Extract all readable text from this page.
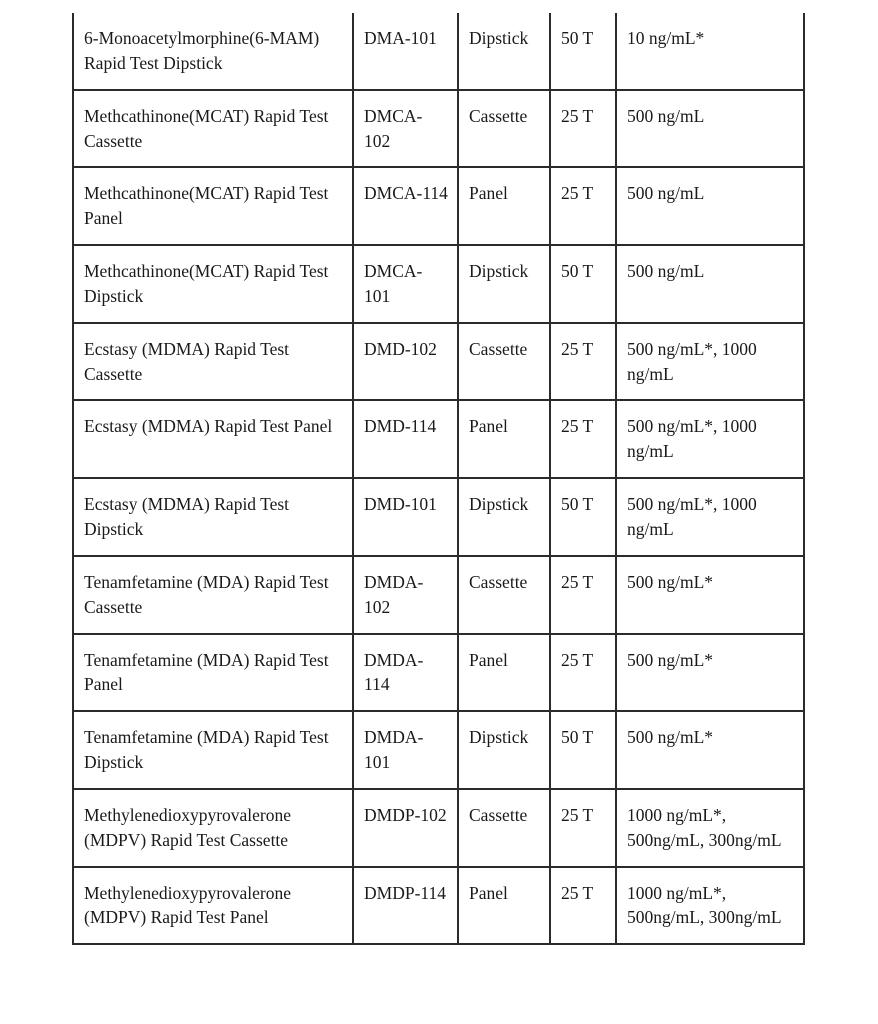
6-Monoacetylmorphine(6-MAM) Rapid Test Dipstick	DMA-101	Dipstick	50 T	10 ng/mL*

Methcathinone(MCAT) Rapid Test Cassette	DMCA-102	Cassette	25 T	500 ng/mL

Methcathinone(MCAT) Rapid Test Panel	DMCA-114	Panel	25 T	500 ng/mL

Methcathinone(MCAT) Rapid Test Dipstick	DMCA-101	Dipstick	50 T	500 ng/mL

Ecstasy (MDMA) Rapid Test Cassette	DMD-102	Cassette	25 T	500 ng/mL*, 1000 ng/mL

Ecstasy (MDMA) Rapid Test Panel	DMD-114	Panel	25 T	500 ng/mL*, 1000 ng/mL

Ecstasy (MDMA) Rapid Test Dipstick	DMD-101	Dipstick	50 T	500 ng/mL*, 1000 ng/mL

Tenamfetamine (MDA) Rapid Test Cassette	DMDA-102	Cassette	25 T	500 ng/mL*

Tenamfetamine (MDA) Rapid Test Panel	DMDA-114	Panel	25 T	500 ng/mL*

Tenamfetamine (MDA) Rapid Test Dipstick	DMDA-101	Dipstick	50 T	500 ng/mL*

Methylenedioxypyrovalerone (MDPV) Rapid Test Cassette	DMDP-102	Cassette	25 T	1000 ng/mL*, 500ng/mL, 300ng/mL

Methylenedioxypyrovalerone (MDPV) Rapid Test Panel	DMDP-114	Panel	25 T	1000 ng/mL*, 500ng/mL, 300ng/mL
